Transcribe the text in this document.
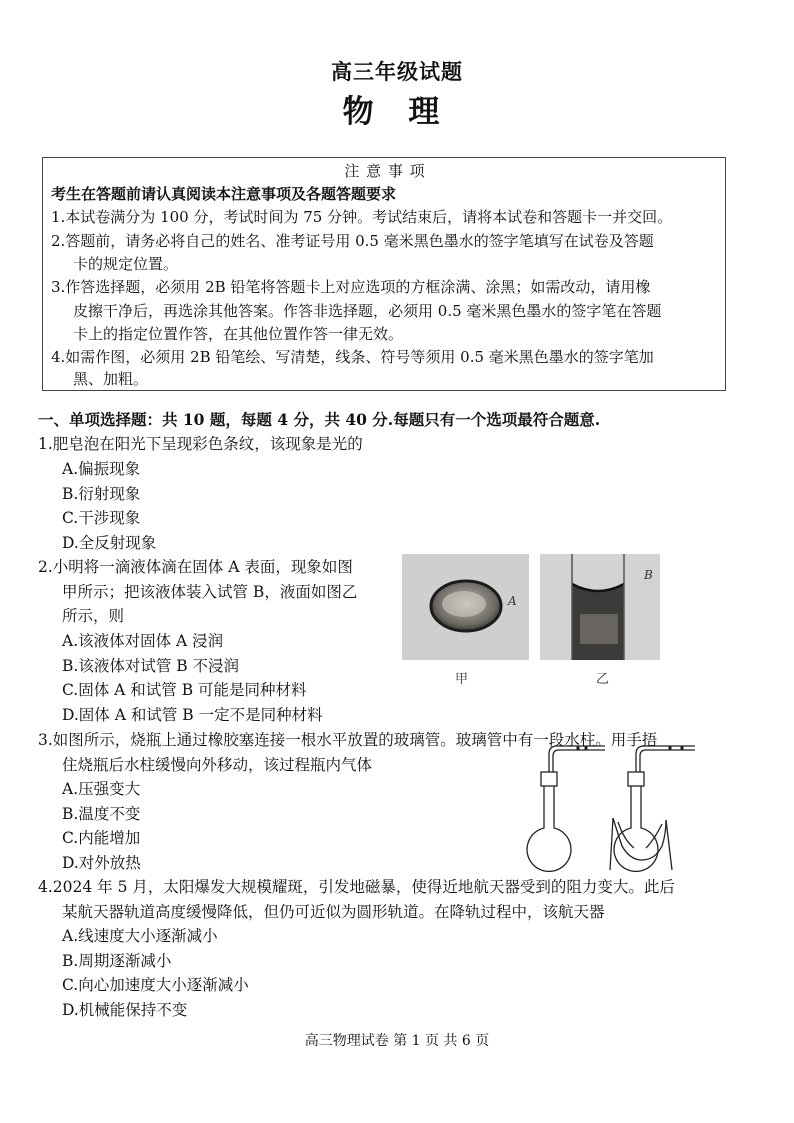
高三年级试题
物 理
注 意 事 项
考生在答题前请认真阅读本注意事项及各题答题要求
1.本试卷满分为 100 分，考试时间为 75 分钟。考试结束后，请将本试卷和答题卡一并交回。
2.答题前，请务必将自己的姓名、准考证号用 0.5 毫米黑色墨水的签字笔填写在试卷及答题
卡的规定位置。
3.作答选择题，必须用 2B 铅笔将答题卡上对应选项的方框涂满、涂黑；如需改动，请用橡
皮擦干净后，再选涂其他答案。作答非选择题，必须用 0.5 毫米黑色墨水的签字笔在答题
卡上的指定位置作答，在其他位置作答一律无效。
4.如需作图，必须用 2B 铅笔绘、写清楚，线条、符号等须用 0.5 毫米黑色墨水的签字笔加
黑、加粗。
一、单项选择题：共 10 题，每题 4 分，共 40 分.每题只有一个选项最符合题意.
1.肥皂泡在阳光下呈现彩色条纹，该现象是光的
A.偏振现象
B.衍射现象
C.干涉现象
D.全反射现象
2.小明将一滴液体滴在固体 A 表面，现象如图
甲所示；把该液体装入试管 B，液面如图乙
所示，则
A.该液体对固体 A 浸润
B.该液体对试管 B 不浸润
C.固体 A 和试管 B 可能是同种材料
D.固体 A 和试管 B 一定不是同种材料
A
甲
B
乙
3.如图所示，烧瓶上通过橡胶塞连接一根水平放置的玻璃管。玻璃管中有一段水柱。用手捂
住烧瓶后水柱缓慢向外移动，该过程瓶内气体
A.压强变大
B.温度不变
C.内能增加
D.对外放热
4.2024 年 5 月，太阳爆发大规模耀斑，引发地磁暴，使得近地航天器受到的阻力变大。此后
某航天器轨道高度缓慢降低，但仍可近似为圆形轨道。在降轨过程中，该航天器
A.线速度大小逐渐减小
B.周期逐渐减小
C.向心加速度大小逐渐减小
D.机械能保持不变
高三物理试卷 第 1 页 共 6 页
